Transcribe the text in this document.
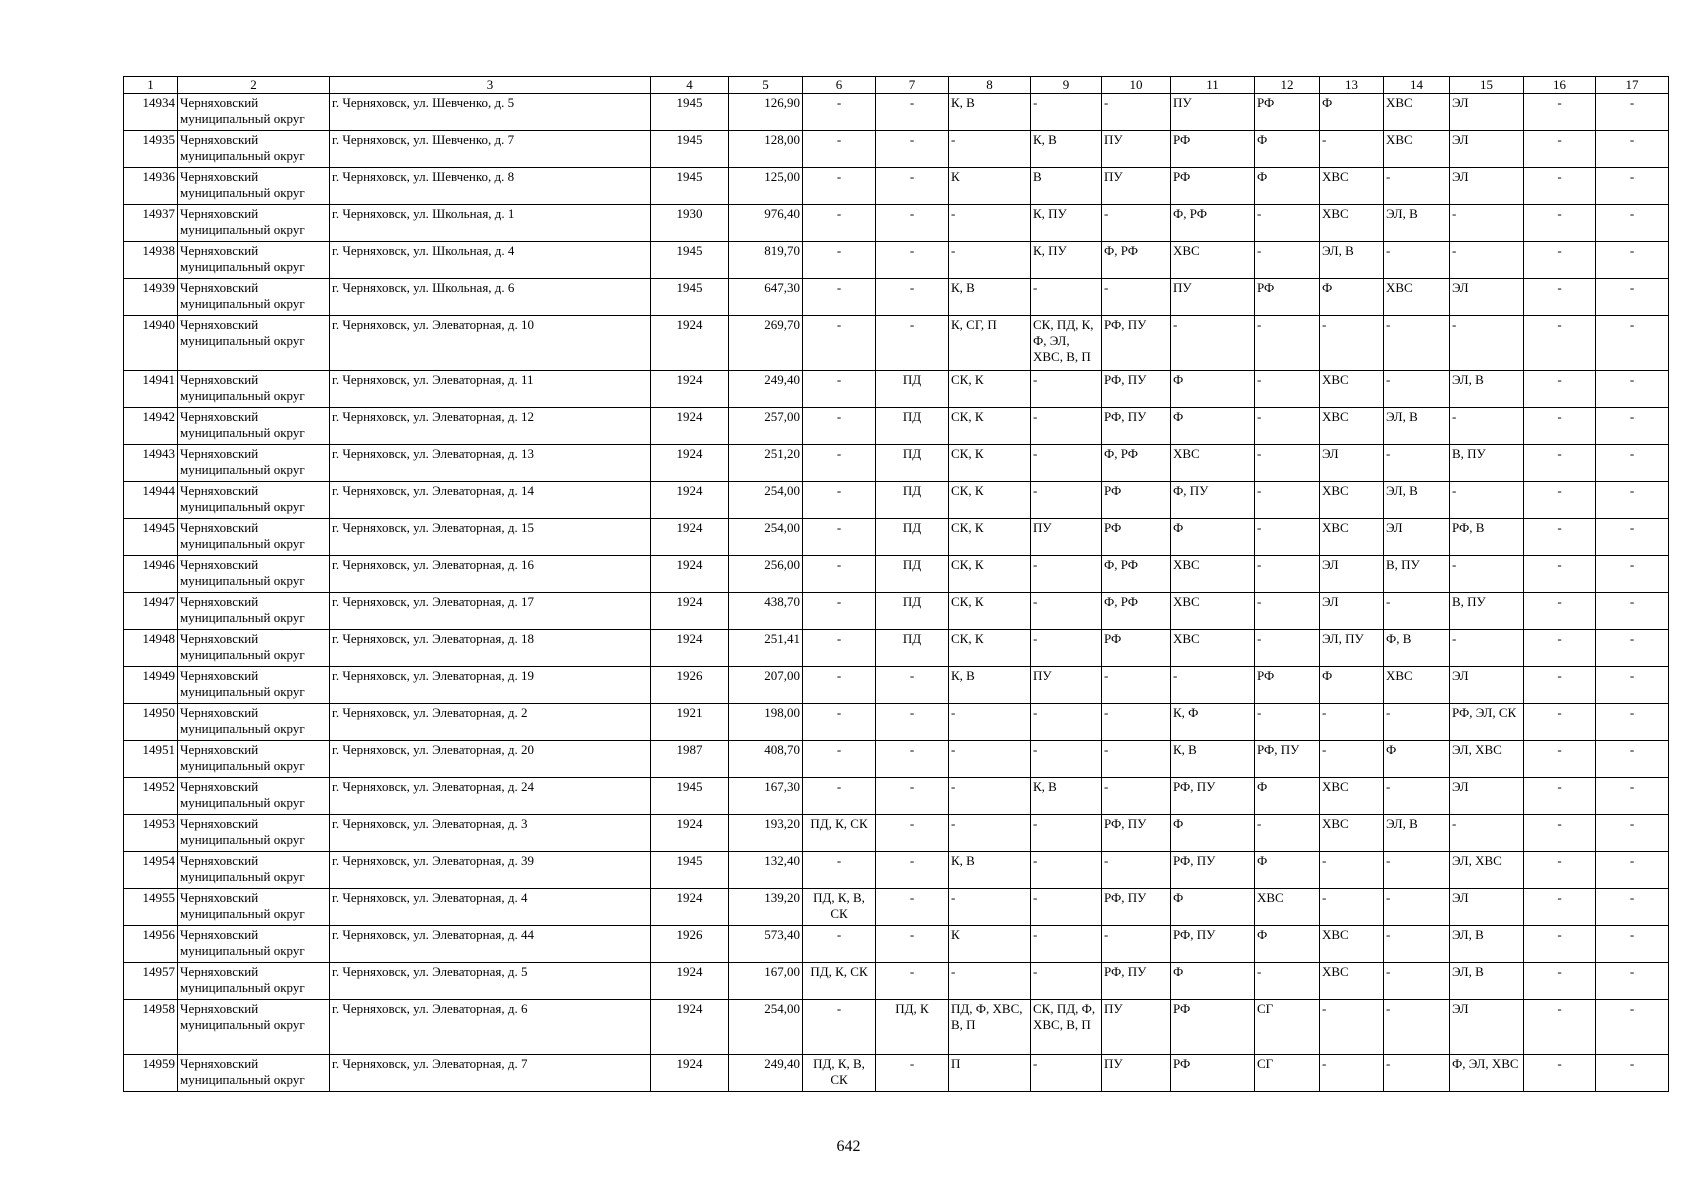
1	2	3	4	5	6	7	8	9	10	11	12	13	14	15	16	17
14934	Черняховский муниципальный округ	г. Черняховск, ул. Шевченко, д. 5	1945	126,90	-	-	К, В	-	-	ПУ	РФ	Ф	ХВС	ЭЛ	-	-
14935	Черняховский муниципальный округ	г. Черняховск, ул. Шевченко, д. 7	1945	128,00	-	-	-	К, В	ПУ	РФ	Ф	-	ХВС	ЭЛ	-	-
14936	Черняховский муниципальный округ	г. Черняховск, ул. Шевченко, д. 8	1945	125,00	-	-	К	В	ПУ	РФ	Ф	ХВС	-	ЭЛ	-	-
14937	Черняховский муниципальный округ	г. Черняховск, ул. Школьная, д. 1	1930	976,40	-	-	-	К, ПУ	-	Ф, РФ	-	ХВС	ЭЛ, В	-	-	-
14938	Черняховский муниципальный округ	г. Черняховск, ул. Школьная, д. 4	1945	819,70	-	-	-	К, ПУ	Ф, РФ	ХВС	-	ЭЛ, В	-	-	-	-
14939	Черняховский муниципальный округ	г. Черняховск, ул. Школьная, д. 6	1945	647,30	-	-	К, В	-	-	ПУ	РФ	Ф	ХВС	ЭЛ	-	-
14940	Черняховский муниципальный округ	г. Черняховск, ул. Элеваторная, д. 10	1924	269,70	-	-	К, СГ, П	СК, ПД, К, Ф, ЭЛ, ХВС, В, П	РФ, ПУ	-	-	-	-	-	-	-
14941	Черняховский муниципальный округ	г. Черняховск, ул. Элеваторная, д. 11	1924	249,40	-	ПД	СК, К	-	РФ, ПУ	Ф	-	ХВС	-	ЭЛ, В	-	-
14942	Черняховский муниципальный округ	г. Черняховск, ул. Элеваторная, д. 12	1924	257,00	-	ПД	СК, К	-	РФ, ПУ	Ф	-	ХВС	ЭЛ, В	-	-	-
14943	Черняховский муниципальный округ	г. Черняховск, ул. Элеваторная, д. 13	1924	251,20	-	ПД	СК, К	-	Ф, РФ	ХВС	-	ЭЛ	-	В, ПУ	-	-
14944	Черняховский муниципальный округ	г. Черняховск, ул. Элеваторная, д. 14	1924	254,00	-	ПД	СК, К	-	РФ	Ф, ПУ	-	ХВС	ЭЛ, В	-	-	-
14945	Черняховский муниципальный округ	г. Черняховск, ул. Элеваторная, д. 15	1924	254,00	-	ПД	СК, К	ПУ	РФ	Ф	-	ХВС	ЭЛ	РФ, В	-	-
14946	Черняховский муниципальный округ	г. Черняховск, ул. Элеваторная, д. 16	1924	256,00	-	ПД	СК, К	-	Ф, РФ	ХВС	-	ЭЛ	В, ПУ	-	-	-
14947	Черняховский муниципальный округ	г. Черняховск, ул. Элеваторная, д. 17	1924	438,70	-	ПД	СК, К	-	Ф, РФ	ХВС	-	ЭЛ	-	В, ПУ	-	-
14948	Черняховский муниципальный округ	г. Черняховск, ул. Элеваторная, д. 18	1924	251,41	-	ПД	СК, К	-	РФ	ХВС	-	ЭЛ, ПУ	Ф, В	-	-	-
14949	Черняховский муниципальный округ	г. Черняховск, ул. Элеваторная, д. 19	1926	207,00	-	-	К, В	ПУ	-	-	РФ	Ф	ХВС	ЭЛ	-	-
14950	Черняховский муниципальный округ	г. Черняховск, ул. Элеваторная, д. 2	1921	198,00	-	-	-	-	-	К, Ф	-	-	-	РФ, ЭЛ, СК	-	-
14951	Черняховский муниципальный округ	г. Черняховск, ул. Элеваторная, д. 20	1987	408,70	-	-	-	-	-	К, В	РФ, ПУ	-	Ф	ЭЛ, ХВС	-	-
14952	Черняховский муниципальный округ	г. Черняховск, ул. Элеваторная, д. 24	1945	167,30	-	-	-	К, В	-	РФ, ПУ	Ф	ХВС	-	ЭЛ	-	-
14953	Черняховский муниципальный округ	г. Черняховск, ул. Элеваторная, д. 3	1924	193,20	ПД, К, СК	-	-	-	РФ, ПУ	Ф	-	ХВС	ЭЛ, В	-	-	-
14954	Черняховский муниципальный округ	г. Черняховск, ул. Элеваторная, д. 39	1945	132,40	-	-	К, В	-	-	РФ, ПУ	Ф	-	-	ЭЛ, ХВС	-	-
14955	Черняховский муниципальный округ	г. Черняховск, ул. Элеваторная, д. 4	1924	139,20	ПД, К, В, СК	-	-	-	РФ, ПУ	Ф	ХВС	-	-	ЭЛ	-	-
14956	Черняховский муниципальный округ	г. Черняховск, ул. Элеваторная, д. 44	1926	573,40	-	-	К	-	-	РФ, ПУ	Ф	ХВС	-	ЭЛ, В	-	-
14957	Черняховский муниципальный округ	г. Черняховск, ул. Элеваторная, д. 5	1924	167,00	ПД, К, СК	-	-	-	РФ, ПУ	Ф	-	ХВС	-	ЭЛ, В	-	-
14958	Черняховский муниципальный округ	г. Черняховск, ул. Элеваторная, д. 6	1924	254,00	-	ПД, К	ПД, Ф, ХВС, В, П	СК, ПД, Ф, ХВС, В, П	ПУ	РФ	СГ	-	-	ЭЛ	-	-
14959	Черняховский муниципальный округ	г. Черняховск, ул. Элеваторная, д. 7	1924	249,40	ПД, К, В, СК	-	П	-	ПУ	РФ	СГ	-	-	Ф, ЭЛ, ХВС	-	-
642
